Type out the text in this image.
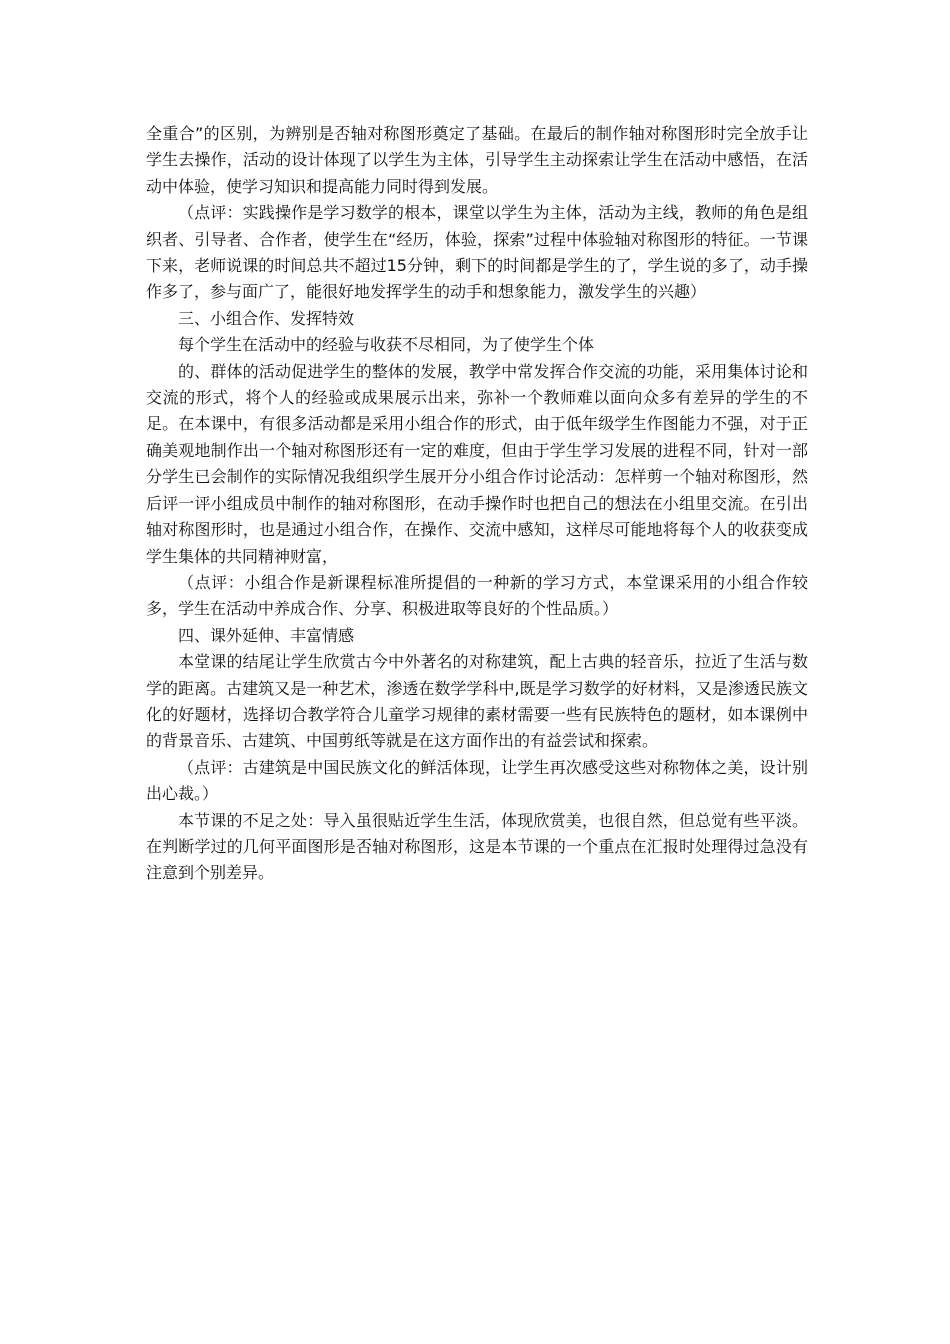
全重合”的区别，为辨别是否轴对称图形奠定了基础。在最后的制作轴对称图形时完全放手让学生去操作，活动的设计体现了以学生为主体，引导学生主动探索让学生在活动中感悟，在活动中体验，使学习知识和提高能力同时得到发展。

（点评：实践操作是学习数学的根本，课堂以学生为主体，活动为主线，教师的角色是组织者、引导者、合作者，使学生在“经历，体验，探索”过程中体验轴对称图形的特征。一节课下来，老师说课的时间总共不超过15分钟，剩下的时间都是学生的了，学生说的多了，动手操作多了，参与面广了，能很好地发挥学生的动手和想象能力，激发学生的兴趣）

三、小组合作、发挥特效

每个学生在活动中的经验与收获不尽相同，为了使学生个体

的、群体的活动促进学生的整体的发展，教学中常发挥合作交流的功能，采用集体讨论和交流的形式，将个人的经验或成果展示出来，弥补一个教师难以面向众多有差异的学生的不足。在本课中，有很多活动都是采用小组合作的形式，由于低年级学生作图能力不强，对于正确美观地制作出一个轴对称图形还有一定的难度，但由于学生学习发展的进程不同，针对一部分学生已会制作的实际情况我组织学生展开分小组合作讨论活动：怎样剪一个轴对称图形，然后评一评小组成员中制作的轴对称图形，在动手操作时也把自己的想法在小组里交流。在引出轴对称图形时，也是通过小组合作，在操作、交流中感知，这样尽可能地将每个人的收获变成学生集体的共同精神财富，

（点评：小组合作是新课程标准所提倡的一种新的学习方式，本堂课采用的小组合作较多，学生在活动中养成合作、分享、积极进取等良好的个性品质。）

四、课外延伸、丰富情感

本堂课的结尾让学生欣赏古今中外著名的对称建筑，配上古典的轻音乐，拉近了生活与数学的距离。古建筑又是一种艺术，渗透在数学学科中,既是学习数学的好材料，又是渗透民族文化的好题材，选择切合教学符合儿童学习规律的素材需要一些有民族特色的题材，如本课例中的背景音乐、古建筑、中国剪纸等就是在这方面作出的有益尝试和探索。

（点评：古建筑是中国民族文化的鲜活体现，让学生再次感受这些对称物体之美，设计别出心裁。）

本节课的不足之处：导入虽很贴近学生生活，体现欣赏美，也很自然，但总觉有些平淡。在判断学过的几何平面图形是否轴对称图形，这是本节课的一个重点在汇报时处理得过急没有注意到个别差异。
